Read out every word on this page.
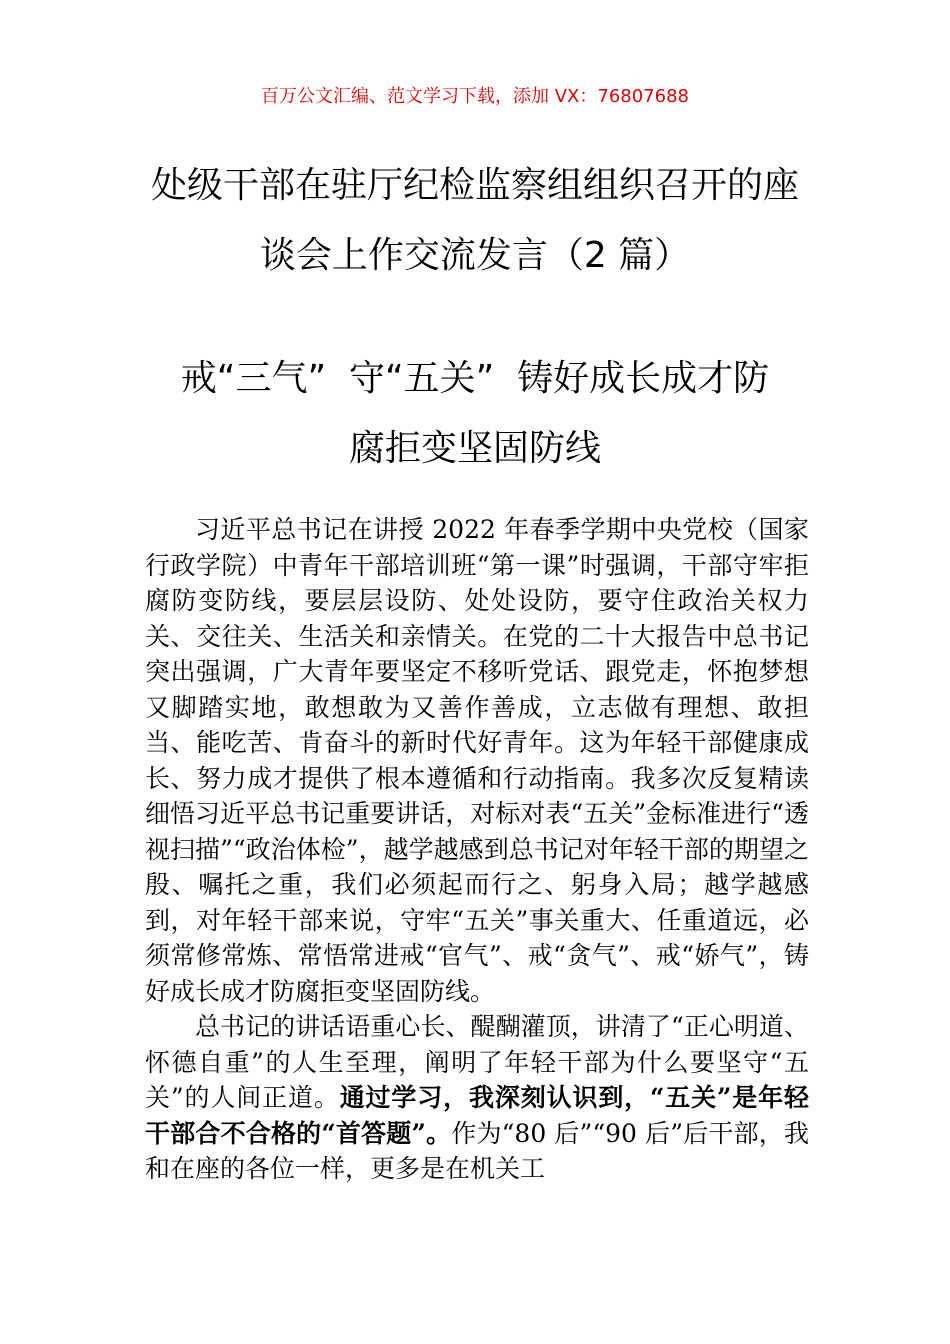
百万公文汇编、范文学习下载，添加 VX：76807688
处级干部在驻厅纪检监察组组织召开的座
谈会上作交流发言（2 篇）
戒“三气”  守“五关”  铸好成长成才防
腐拒变坚固防线

习近平总书记在讲授 2022 年春季学期中央党校（国家行政学院）中青年干部培训班“第一课”时强调，干部守牢拒腐防变防线，要层层设防、处处设防，要守住政治关权力关、交往关、生活关和亲情关。在党的二十大报告中总书记突出强调，广大青年要坚定不移听党话、跟党走，怀抱梦想又脚踏实地，敢想敢为又善作善成，立志做有理想、敢担当、能吃苦、肯奋斗的新时代好青年。这为年轻干部健康成长、努力成才提供了根本遵循和行动指南。我多次反复精读细悟习近平总书记重要讲话，对标对表“五关”金标准进行“透视扫描”“政治体检”，越学越感到总书记对年轻干部的期望之殷、嘱托之重，我们必须起而行之、躬身入局；越学越感到，对年轻干部来说，守牢“五关”事关重大、任重道远，必须常修常炼、常悟常进戒“官气”、戒“贪气”、戒“娇气”，铸好成长成才防腐拒变坚固防线。

总书记的讲话语重心长、醍醐灌顶，讲清了“正心明道、怀德自重”的人生至理，阐明了年轻干部为什么要坚守“五关”的人间正道。通过学习，我深刻认识到，“五关”是年轻干部合不合格的“首答题”。作为“80 后”“90 后”后干部，我和在座的各位一样，更多是在机关工
